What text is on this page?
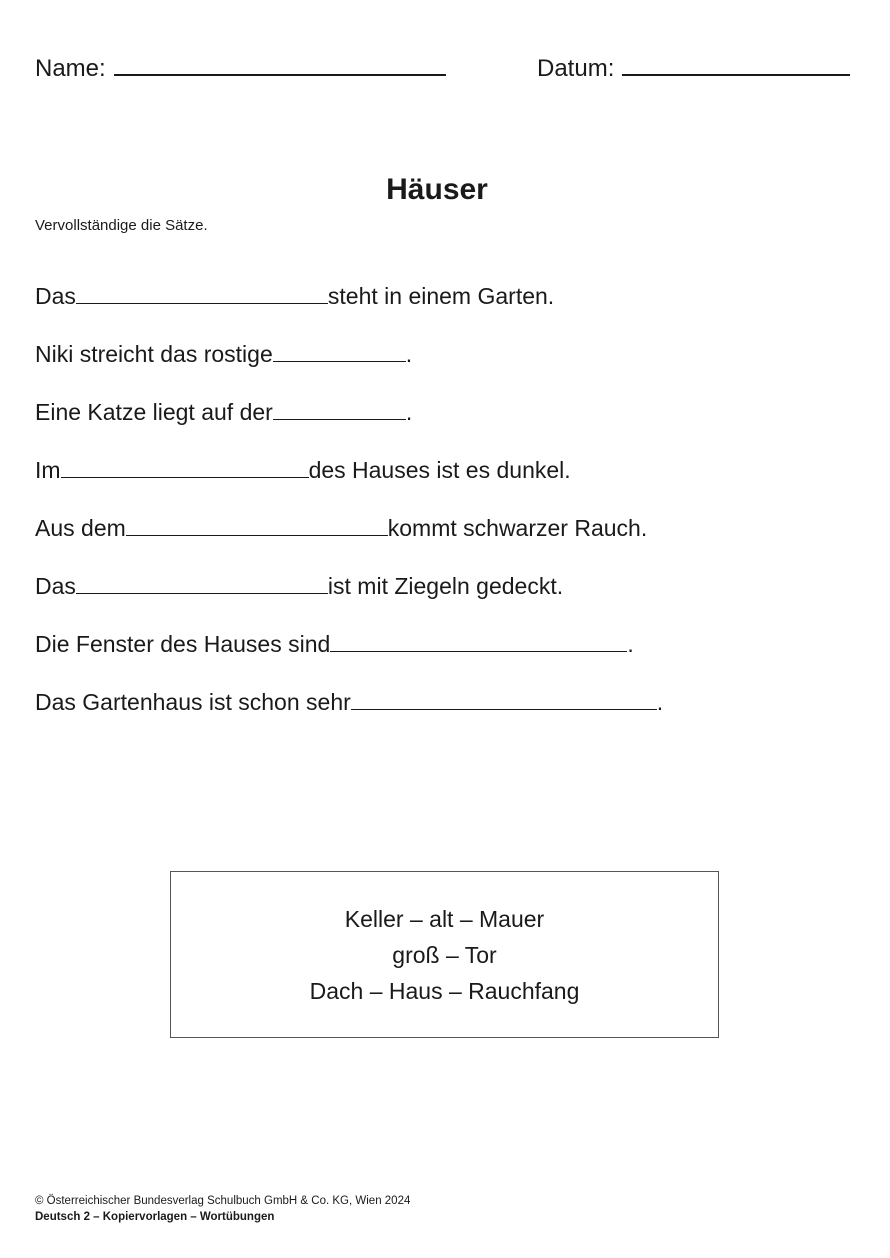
Name:	Datum:
Häuser
Vervollständige die Sätze.
Das	steht in einem Garten.
Niki streicht das rostige	.
Eine Katze liegt auf der	.
Im	des Hauses ist es dunkel.
Aus dem	kommt schwarzer Rauch.
Das	ist mit Ziegeln gedeckt.
Die Fenster des Hauses sind	.
Das Gartenhaus ist schon sehr	.
Keller – alt – Mauer
groß – Tor
Dach – Haus – Rauchfang
© Österreichischer Bundesverlag Schulbuch GmbH & Co. KG, Wien 2024
Deutsch 2 – Kopiervorlagen – Wortübungen
